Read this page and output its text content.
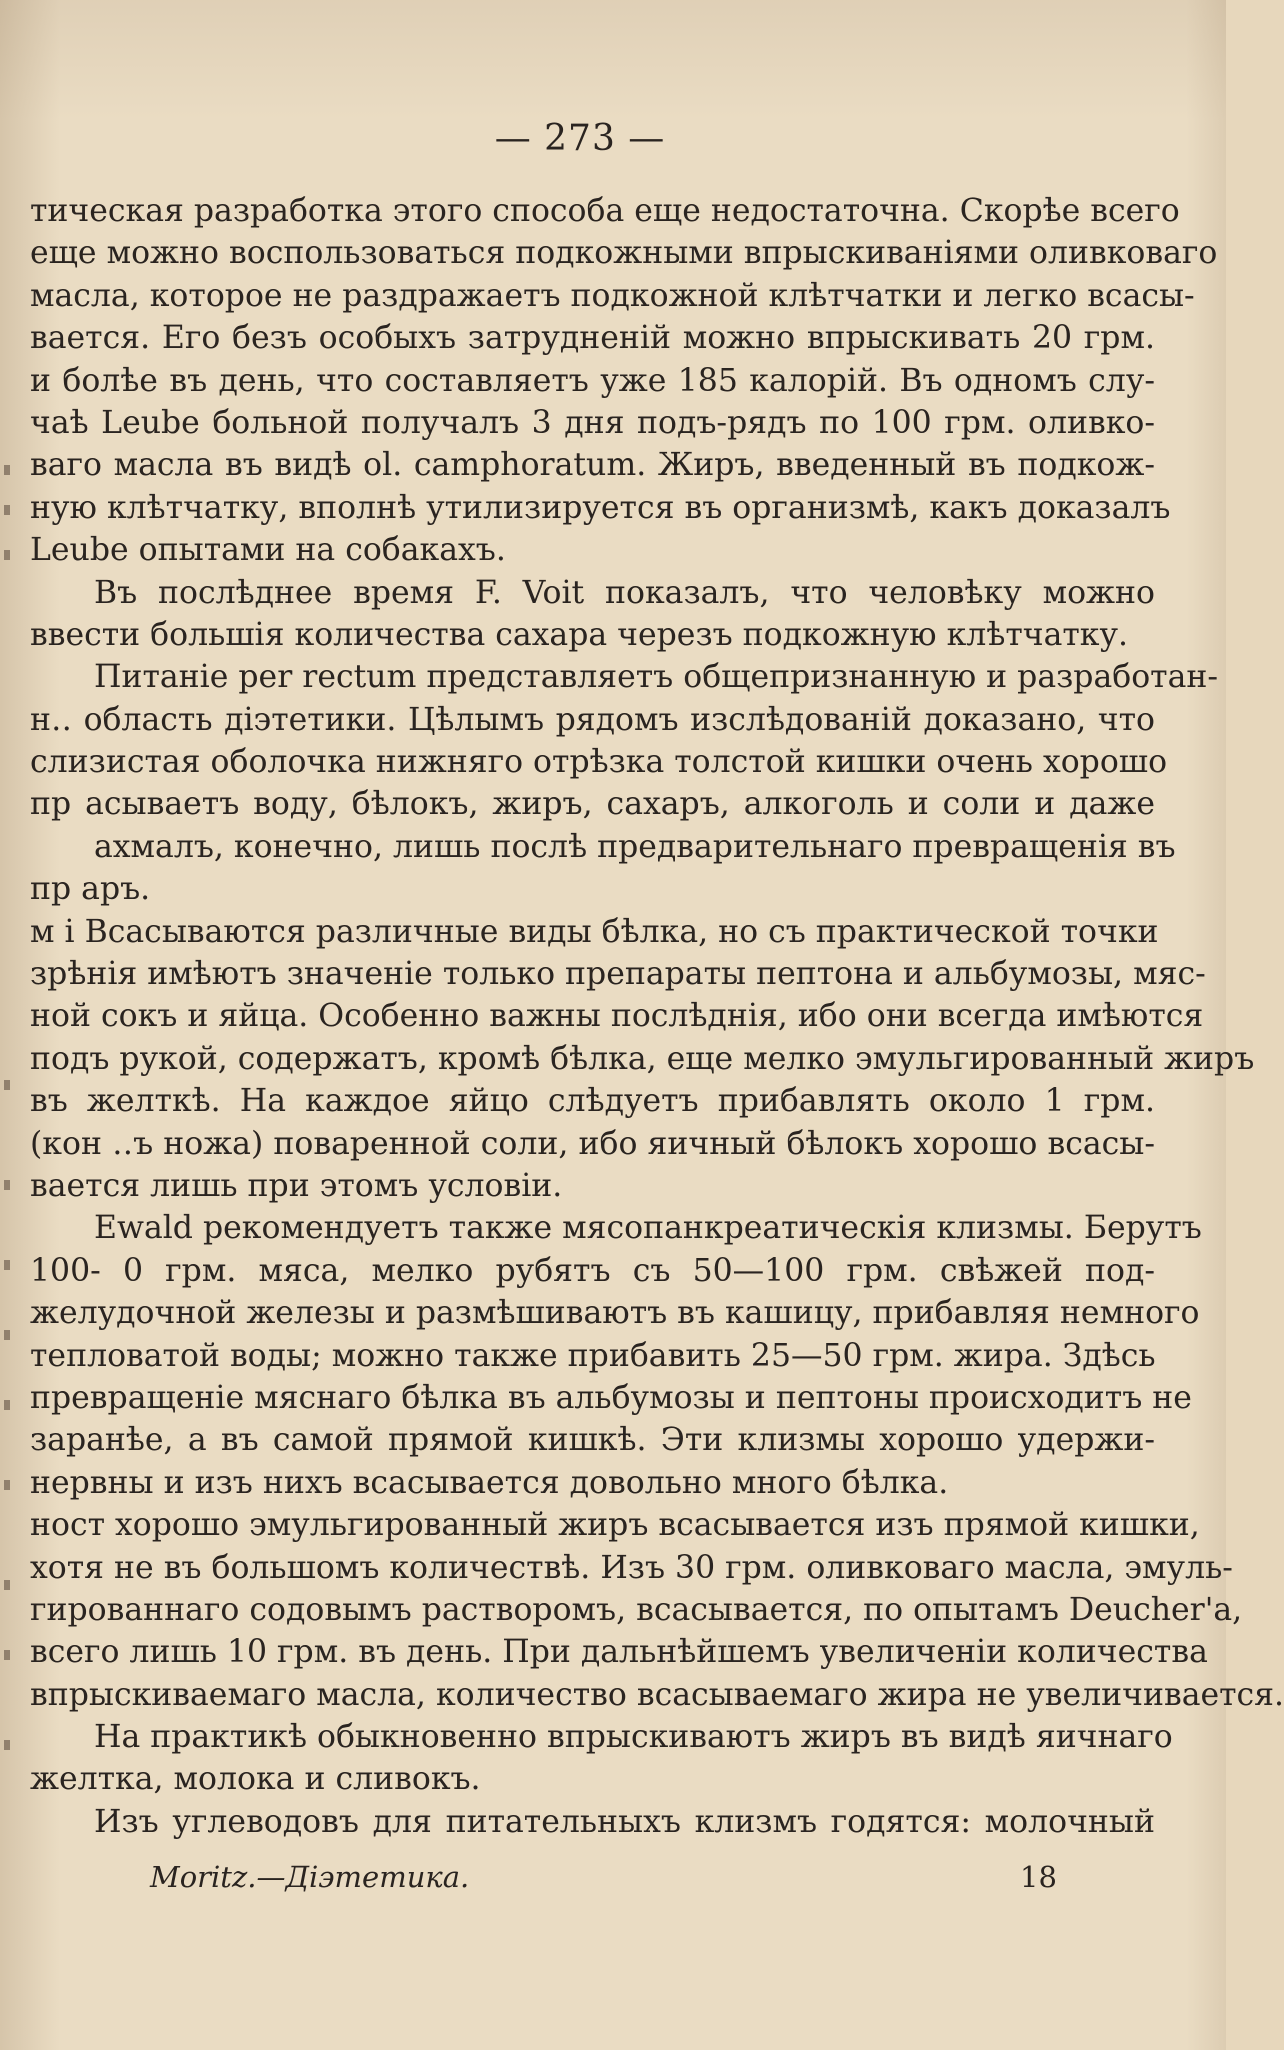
— 273 —
тическая разработка этого способа еще недостаточна. Скорѣе всего
еще можно воспользоваться подкожными впрыскиваніями оливковаго
масла, которое не раздражаетъ подкожной клѣтчатки и легко всасы-
вается. Его безъ особыхъ затрудненій можно впрыскивать 20 грм.
и болѣе въ день, что составляетъ уже 185 калорій. Въ одномъ слу-
чаѣ Leube больной получалъ 3 дня подъ-рядъ по 100 грм. оливко-
ваго масла въ видѣ ol. camphoratum. Жиръ, введенный въ подкож-
ную клѣтчатку, вполнѣ утилизируется въ организмѣ, какъ доказалъ
Leube опытами на собакахъ.
Въ послѣднее время F. Voit показалъ, что человѣку можно
ввести большія количества сахара черезъ подкожную клѣтчатку.
Питаніе per rectum представляетъ общепризнанную и разработан-
н‥ область діэтетики. Цѣлымъ рядомъ изслѣдованій доказано, что
слизистая оболочка нижняго отрѣзка толстой кишки очень хорошо
пр асываетъ воду, бѣлокъ, жиръ, сахаръ, алкоголь и соли и даже
ахмалъ, конечно, лишь послѣ предварительнаго превращенія въ
пр аръ.
м і Всасываются различные виды бѣлка, но съ практической точки
зрѣнія имѣютъ значеніе только препараты пептона и альбумозы, мяс-
ной сокъ и яйца. Особенно важны послѣднія, ибо они всегда имѣются
подъ рукой, содержатъ, кромѣ бѣлка, еще мелко эмульгированный жиръ
въ желткѣ. На каждое яйцо слѣдуетъ прибавлять около 1 грм.
(кон ‥ъ ножа) поваренной соли, ибо яичный бѣлокъ хорошо всасы-
вается лишь при этомъ условіи.
Ewald рекомендуетъ также мясопанкреатическія клизмы. Берутъ
100- 0 грм. мяса, мелко рубятъ съ 50—100 грм. свѣжей под-
желудочной железы и размѣшиваютъ въ кашицу, прибавляя немного
тепловатой воды; можно также прибавить 25—50 грм. жира. Здѣсь
превращеніе мяснаго бѣлка въ альбумозы и пептоны происходитъ не
заранѣе, а въ самой прямой кишкѣ. Эти клизмы хорошо удержи-
нервны и изъ нихъ всасывается довольно много бѣлка.
ност хорошо эмульгированный жиръ всасывается изъ прямой кишки,
хотя не въ большомъ количествѣ. Изъ 30 грм. оливковаго масла, эмуль-
гированнаго содовымъ растворомъ, всасывается, по опытамъ Deucher'а,
всего лишь 10 грм. въ день. При дальнѣйшемъ увеличеніи количества
впрыскиваемаго масла, количество всасываемаго жира не увеличивается.
На практикѣ обыкновенно впрыскиваютъ жиръ въ видѣ яичнаго
желтка, молока и сливокъ.
Изъ углеводовъ для питательныхъ клизмъ годятся: молочный
Moritz.—Діэтетика.	18
